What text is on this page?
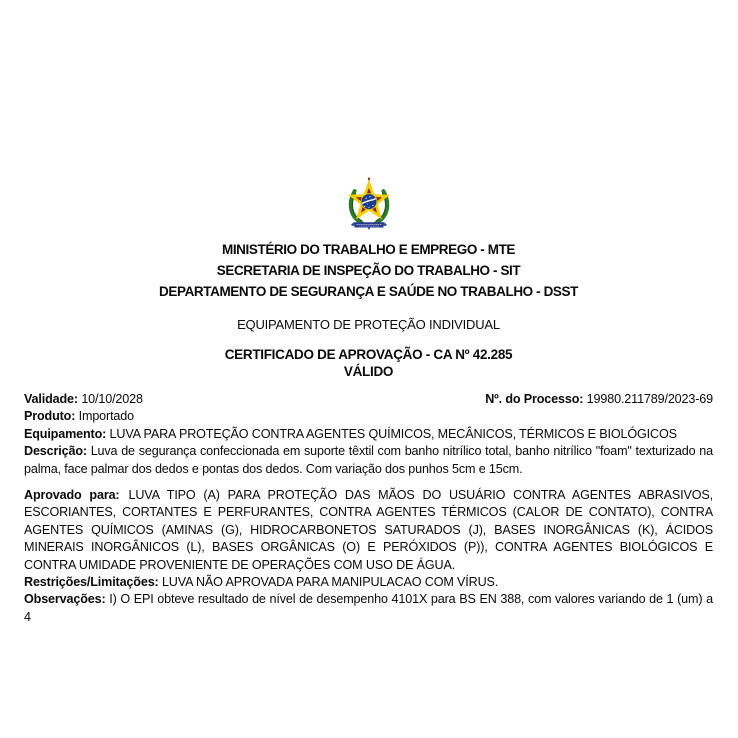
MINISTÉRIO DO TRABALHO E EMPREGO - MTE
SECRETARIA DE INSPEÇÃO DO TRABALHO - SIT
DEPARTAMENTO DE SEGURANÇA E SAÚDE NO TRABALHO - DSST
EQUIPAMENTO DE PROTEÇÃO INDIVIDUAL
CERTIFICADO DE APROVAÇÃO - CA Nº 42.285
VÁLIDO

Validade: 10/10/2028	Nº. do Processo: 19980.211789/2023-69

Produto: Importado

Equipamento: LUVA PARA PROTEÇÃO CONTRA AGENTES QUÍMICOS, MECÂNICOS, TÉRMICOS E BIOLÓGICOS

Descrição: Luva de segurança confeccionada em suporte têxtil com banho nitrílico total, banho nitrílico "foam" texturizado na palma, face palmar dos dedos e pontas dos dedos. Com variação dos punhos 5cm e 15cm.

Aprovado para: LUVA TIPO (A) PARA PROTEÇÃO DAS MÃOS DO USUÁRIO CONTRA AGENTES ABRASIVOS, ESCORIANTES, CORTANTES E PERFURANTES, CONTRA AGENTES TÉRMICOS (CALOR DE CONTATO), CONTRA AGENTES QUÍMICOS (AMINAS (G), HIDROCARBONETOS SATURADOS (J), BASES INORGÂNICAS (K), ÁCIDOS MINERAIS INORGÂNICOS (L), BASES ORGÂNICAS (O) E PERÓXIDOS (P)), CONTRA AGENTES BIOLÓGICOS E CONTRA UMIDADE PROVENIENTE DE OPERAÇÕES COM USO DE ÁGUA.

Restrições/Limitações: LUVA NÃO APROVADA PARA MANIPULACAO COM VÍRUS.

Observações: I) O EPI obteve resultado de nível de desempenho 4101X para BS EN 388, com valores variando de 1 (um) a 4
